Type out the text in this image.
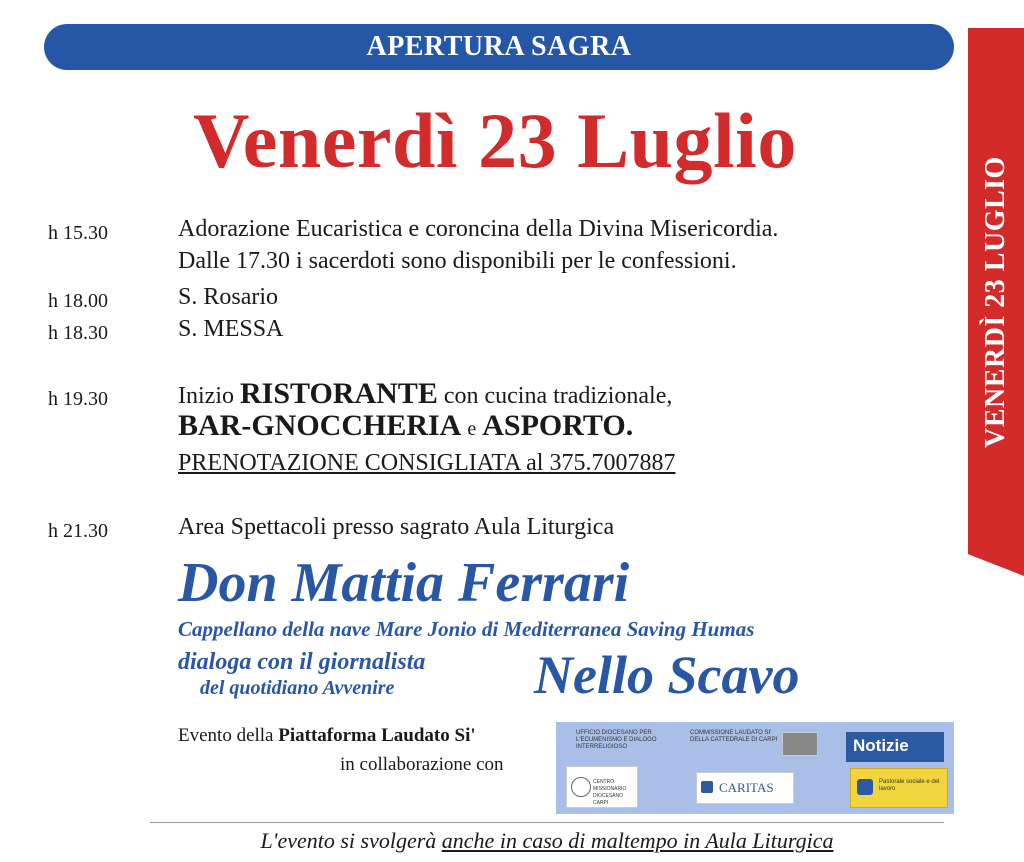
APERTURA SAGRA
Venerdì 23 Luglio
VENERDÌ 23 LUGLIO
h 15.30	Adorazione Eucaristica e coroncina della Divina Misericordia.
Dalle 17.30 i sacerdoti sono disponibili per le confessioni.
h 18.00	S. Rosario
h 18.30	S. MESSA
h 19.30	Inizio RISTORANTE con cucina tradizionale,
BAR-GNOCCHERIA e ASPORTO.
PRENOTAZIONE CONSIGLIATA al 375.7007887
h 21.30	Area Spettacoli presso sagrato Aula Liturgica
Don Mattia Ferrari
Cappellano della nave Mare Jonio di Mediterranea Saving Humas
dialoga con il giornalista
del quotidiano Avvenire	Nello Scavo
Evento della Piattaforma Laudato Si'
in collaborazione con
UFFICIO DIOCESANO PER L'ECUMENISMO E DIALOGO INTERRELIGIOSO
COMMISSIONE LAUDATO SI' DELLA CATTEDRALE DI CARPI	Notizie
CENTRO MISSIONARIO DIOCESANO CARPI
CARITAS	Pastorale sociale e del lavoro
L'evento si svolgerà anche in caso di maltempo in Aula Liturgica
